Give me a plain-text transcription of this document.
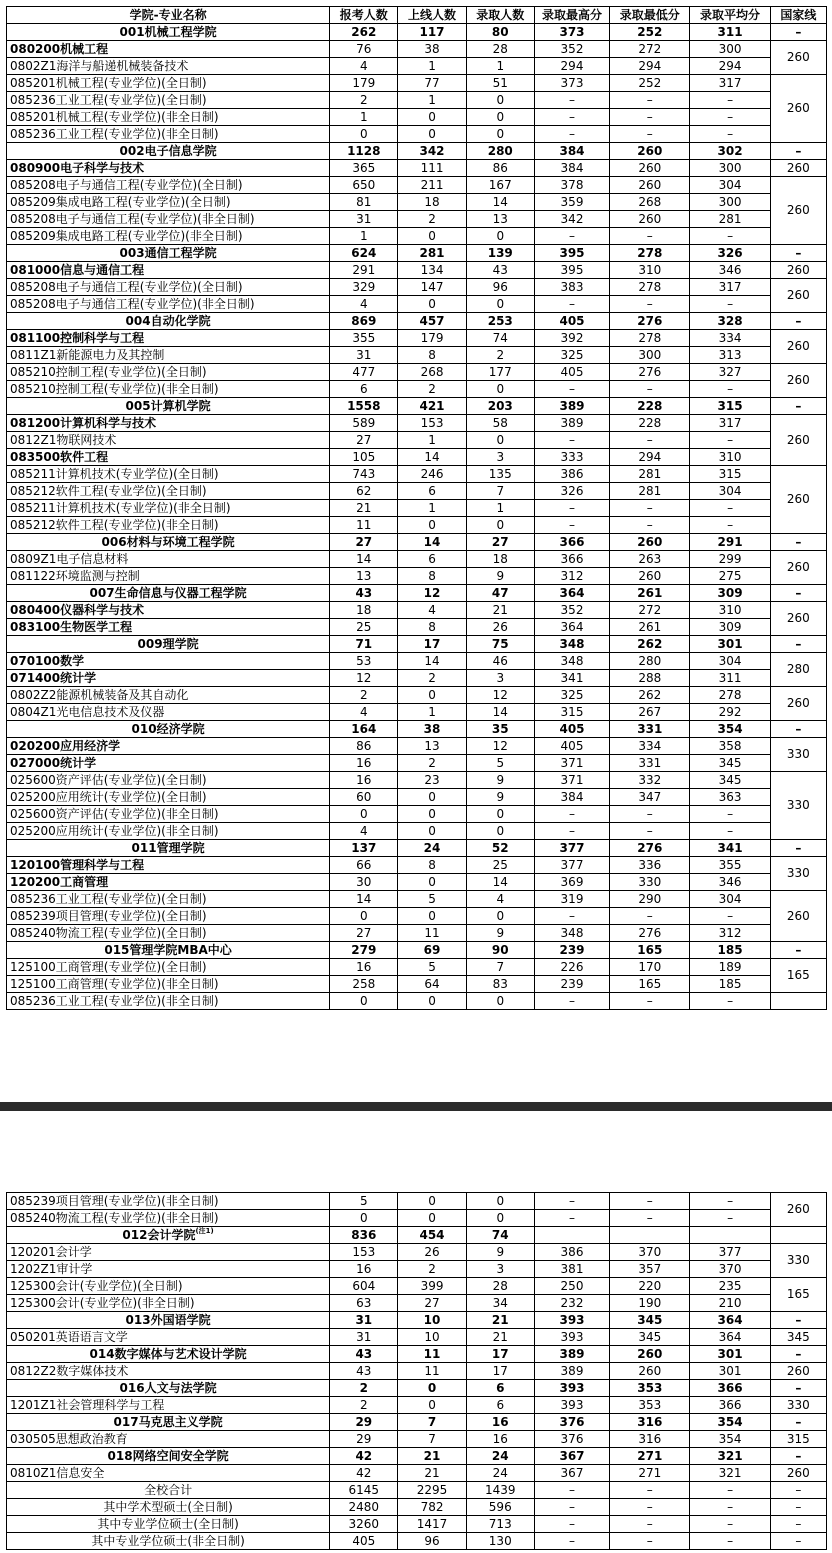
学院-专业名称	报考人数	上线人数	录取人数	录取最高分	录取最低分	录取平均分	国家线
001机械工程学院	262	117	80	373	252	311	–
080200机械工程	76	38	28	352	272	300	260
0802Z1海洋与船递机械装备技术	4	1	1	294	294	294	
085201机械工程(专业学位)(全日制)	179	77	51	373	252	317	260
085236工业工程(专业学位)(全日制)	2	1	0	–	–	–	
085201机械工程(专业学位)(非全日制)	1	0	0	–	–	–	
085236工业工程(专业学位)(非全日制)	0	0	0	–	–	–	
002电子信息学院	1128	342	280	384	260	302	–
080900电子科学与技术	365	111	86	384	260	300	260
085208电子与通信工程(专业学位)(全日制)	650	211	167	378	260	304	260
085209集成电路工程(专业学位)(全日制)	81	18	14	359	268	300	
085208电子与通信工程(专业学位)(非全日制)	31	2	13	342	260	281	
085209集成电路工程(专业学位)(非全日制)	1	0	0	–	–	–	
003通信工程学院	624	281	139	395	278	326	–
081000信息与通信工程	291	134	43	395	310	346	260
085208电子与通信工程(专业学位)(全日制)	329	147	96	383	278	317	260
085208电子与通信工程(专业学位)(非全日制)	4	0	0	–	–	–	
004自动化学院	869	457	253	405	276	328	–
081100控制科学与工程	355	179	74	392	278	334	260
0811Z1新能源电力及其控制	31	8	2	325	300	313	
085210控制工程(专业学位)(全日制)	477	268	177	405	276	327	260
085210控制工程(专业学位)(非全日制)	6	2	0	–	–	–	
005计算机学院	1558	421	203	389	228	315	–
081200计算机科学与技术	589	153	58	389	228	317	260
0812Z1物联网技术	27	1	0	–	–	–	
083500软件工程	105	14	3	333	294	310	
085211计算机技术(专业学位)(全日制)	743	246	135	386	281	315	260
085212软件工程(专业学位)(全日制)	62	6	7	326	281	304	
085211计算机技术(专业学位)(非全日制)	21	1	1	–	–	–	
085212软件工程(专业学位)(非全日制)	11	0	0	–	–	–	
006材料与环境工程学院	27	14	27	366	260	291	–
0809Z1电子信息材料	14	6	18	366	263	299	260
081122环境监测与控制	13	8	9	312	260	275	
007生命信息与仪器工程学院	43	12	47	364	261	309	–
080400仪器科学与技术	18	4	21	352	272	310	260
083100生物医学工程	25	8	26	364	261	309	
009理学院	71	17	75	348	262	301	–
070100数学	53	14	46	348	280	304	280
071400统计学	12	2	3	341	288	311	
0802Z2能源机械装备及其自动化	2	0	12	325	262	278	260
0804Z1光电信息技术及仪器	4	1	14	315	267	292	
010经济学院	164	38	35	405	331	354	–
020200应用经济学	86	13	12	405	334	358	330
027000统计学	16	2	5	371	331	345	
025600资产评估(专业学位)(全日制)	16	23	9	371	332	345	330
025200应用统计(专业学位)(全日制)	60	0	9	384	347	363	
025600资产评估(专业学位)(非全日制)	0	0	0	–	–	–	
025200应用统计(专业学位)(非全日制)	4	0	0	–	–	–	
011管理学院	137	24	52	377	276	341	–
120100管理科学与工程	66	8	25	377	336	355	330
120200工商管理	30	0	14	369	330	346	
085236工业工程(专业学位)(全日制)	14	5	4	319	290	304	260
085239项目管理(专业学位)(全日制)	0	0	0	–	–	–	
085240物流工程(专业学位)(全日制)	27	11	9	348	276	312	
015管理学院MBA中心	279	69	90	239	165	185	–
125100工商管理(专业学位)(全日制)	16	5	7	226	170	189	165
125100工商管理(专业学位)(非全日制)	258	64	83	239	165	185	
085236工业工程(专业学位)(非全日制)	0	0	0	–	–	–	
085239项目管理(专业学位)(非全日制)	5	0	0	–	–	–	260
085240物流工程(专业学位)(非全日制)	0	0	0	–	–	–	
012会计学院$^{(注1)}$	836	454	74				
120201会计学	153	26	9	386	370	377	330
1202Z1审计学	16	2	3	381	357	370	
125300会计(专业学位)(全日制)	604	399	28	250	220	235	165
125300会计(专业学位)(非全日制)	63	27	34	232	190	210	
013外国语学院	31	10	21	393	345	364	–
050201英语语言文学	31	10	21	393	345	364	345
014数字媒体与艺术设计学院	43	11	17	389	260	301	–
0812Z2数字媒体技术	43	11	17	389	260	301	260
016人文与法学院	2	0	6	393	353	366	–
1201Z1社会管理科学与工程	2	0	6	393	353	366	330
017马克思主义学院	29	7	16	376	316	354	–
030505思想政治教育	29	7	16	376	316	354	315
018网络空间安全学院	42	21	24	367	271	321	–
0810Z1信息安全	42	21	24	367	271	321	260
全校合计	6145	2295	1439	–	–	–	–
其中学术型硕士(全日制)	2480	782	596	–	–	–	–
其中专业学位硕士(全日制)	3260	1417	713	–	–	–	–
其中专业学位硕士(非全日制)	405	96	130	–	–	–	–
